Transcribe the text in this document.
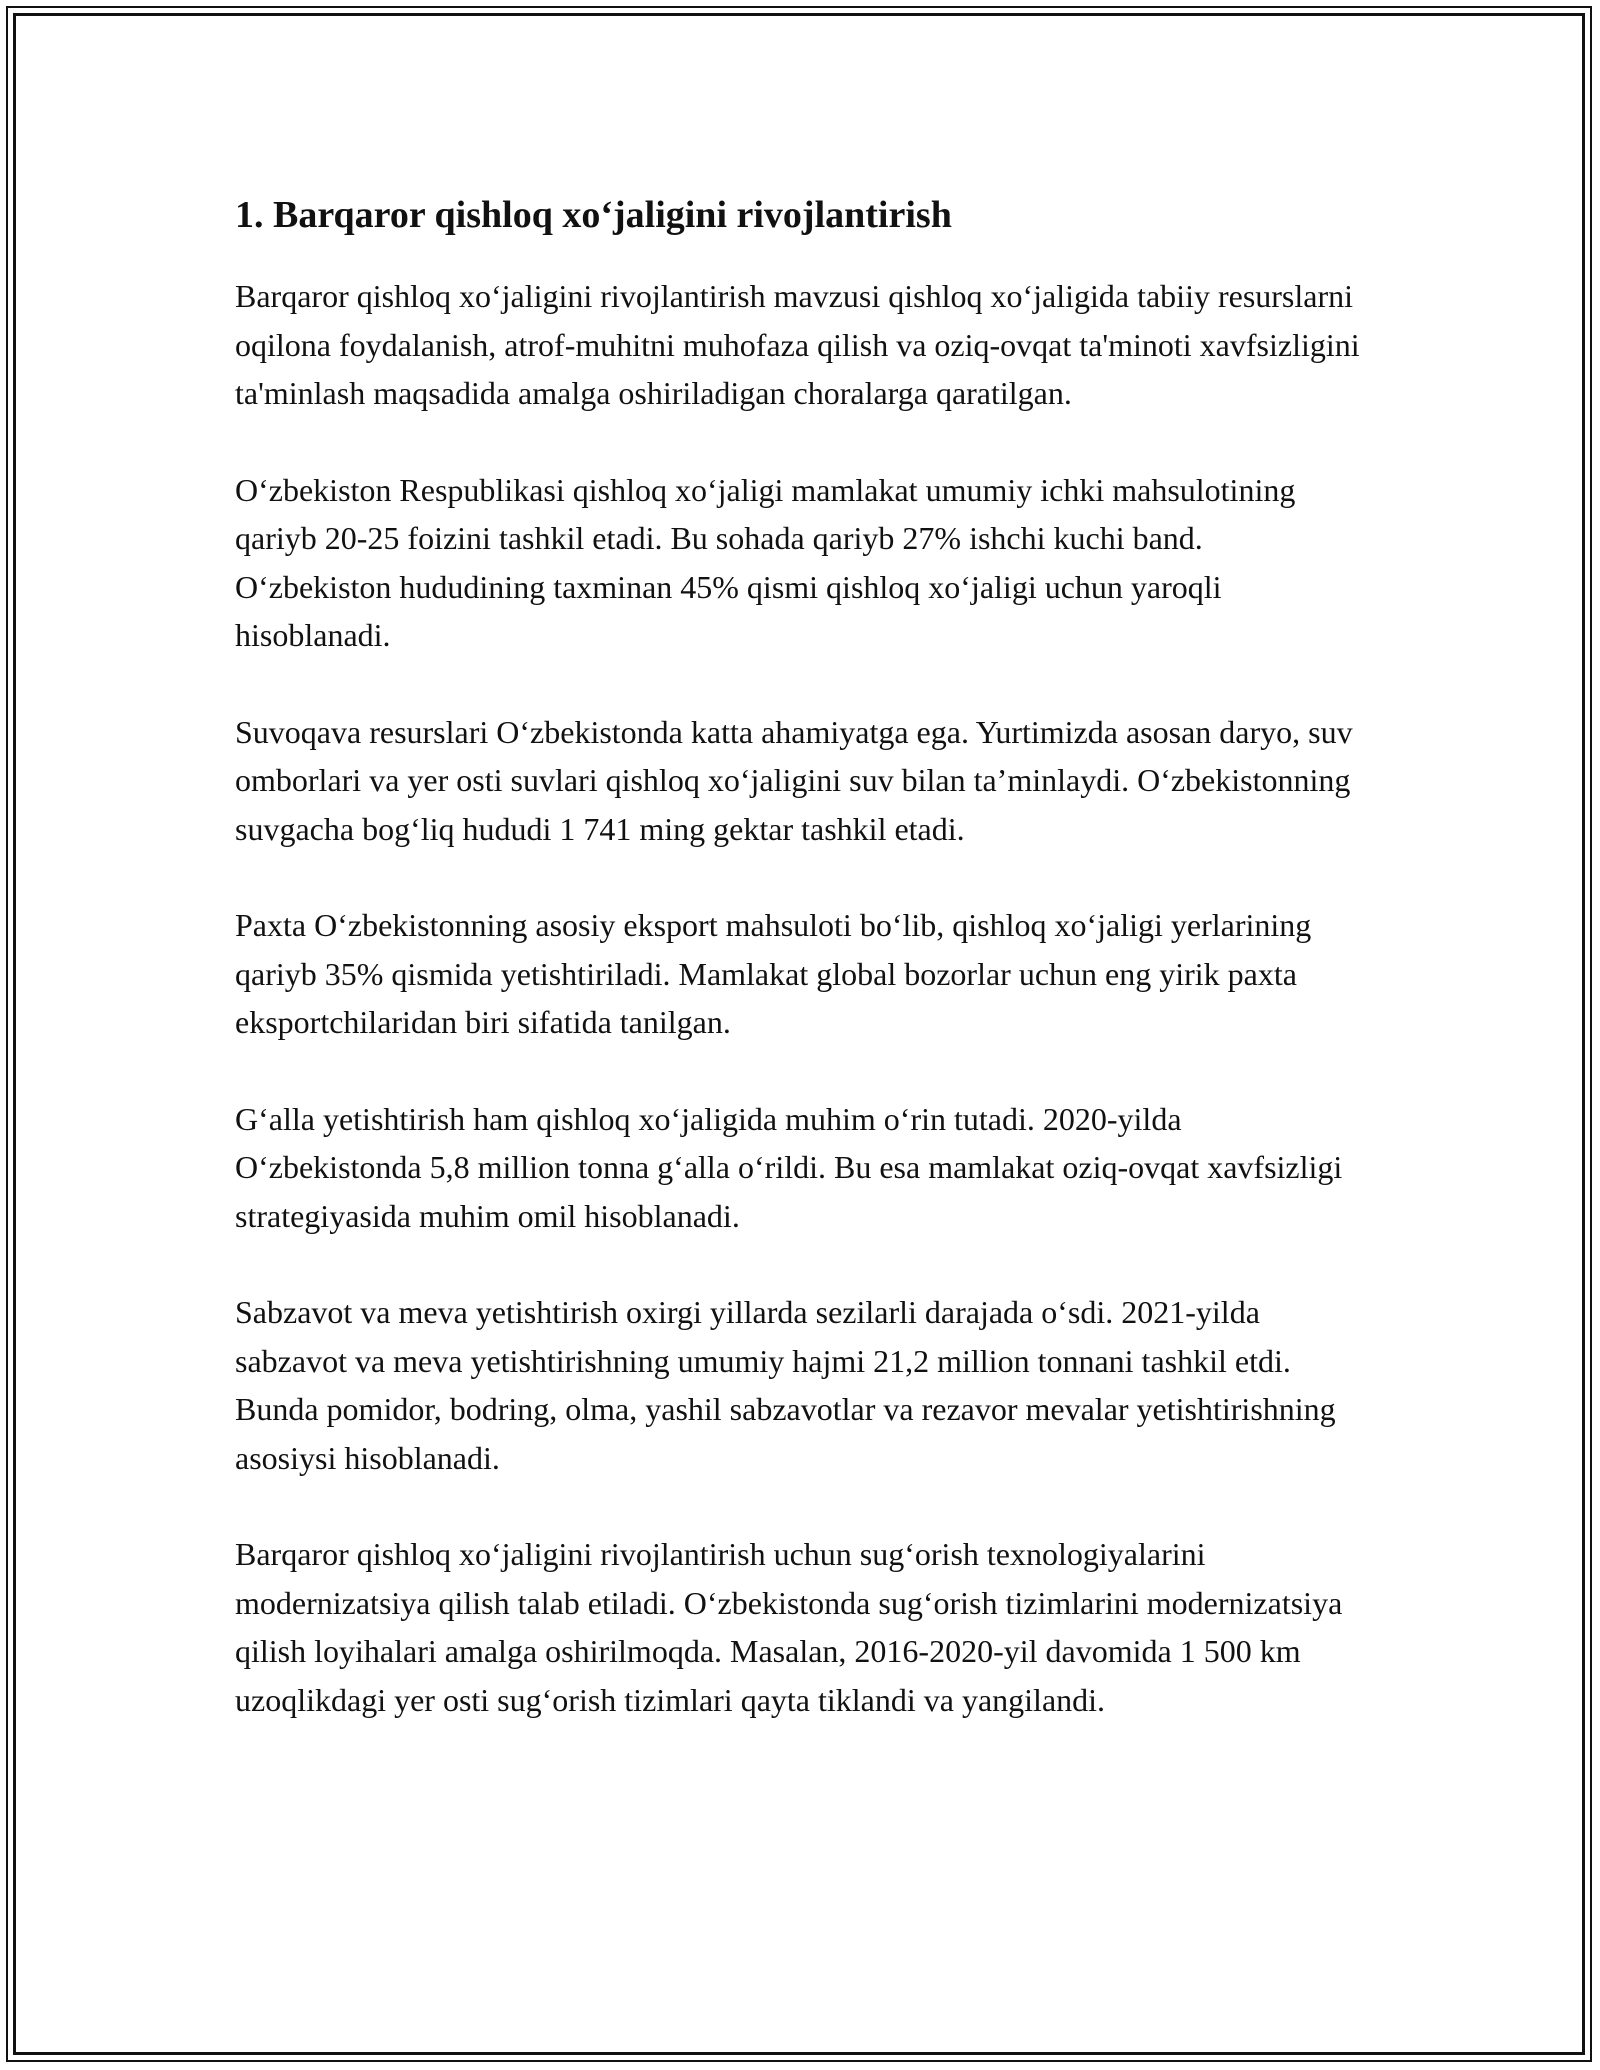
1. Barqaror qishloq xo‘jaligini rivojlantirish

Barqaror qishloq xo‘jaligini rivojlantirish mavzusi qishloq xo‘jaligida tabiiy resurslarni oqilona foydalanish, atrof-muhitni muhofaza qilish va oziq-ovqat ta'minoti xavfsizligini ta'minlash maqsadida amalga oshiriladigan choralarga qaratilgan.

O‘zbekiston Respublikasi qishloq xo‘jaligi mamlakat umumiy ichki mahsulotining qariyb 20-25 foizini tashkil etadi. Bu sohada qariyb 27% ishchi kuchi band. O‘zbekiston hududining taxminan 45% qismi qishloq xo‘jaligi uchun yaroqli hisoblanadi.

Suvoqava resurslari O‘zbekistonda katta ahamiyatga ega. Yurtimizda asosan daryo, suv omborlari va yer osti suvlari qishloq xo‘jaligini suv bilan ta’minlaydi. O‘zbekistonning suvgacha bog‘liq hududi 1 741 ming gektar tashkil etadi.

Paxta O‘zbekistonning asosiy eksport mahsuloti bo‘lib, qishloq xo‘jaligi yerlarining qariyb 35% qismida yetishtiriladi. Mamlakat global bozorlar uchun eng yirik paxta eksportchilaridan biri sifatida tanilgan.

G‘alla yetishtirish ham qishloq xo‘jaligida muhim o‘rin tutadi. 2020-yilda O‘zbekistonda 5,8 million tonna g‘alla o‘rildi. Bu esa mamlakat oziq-ovqat xavfsizligi strategiyasida muhim omil hisoblanadi.

Sabzavot va meva yetishtirish oxirgi yillarda sezilarli darajada o‘sdi. 2021-yilda sabzavot va meva yetishtirishning umumiy hajmi 21,2 million tonnani tashkil etdi. Bunda pomidor, bodring, olma, yashil sabzavotlar va rezavor mevalar yetishtirishning asosiysi hisoblanadi.

Barqaror qishloq xo‘jaligini rivojlantirish uchun sug‘orish texnologiyalarini modernizatsiya qilish talab etiladi. O‘zbekistonda sug‘orish tizimlarini modernizatsiya qilish loyihalari amalga oshirilmoqda. Masalan, 2016-2020-yil davomida 1 500 km uzoqlikdagi yer osti sug‘orish tizimlari qayta tiklandi va yangilandi.
